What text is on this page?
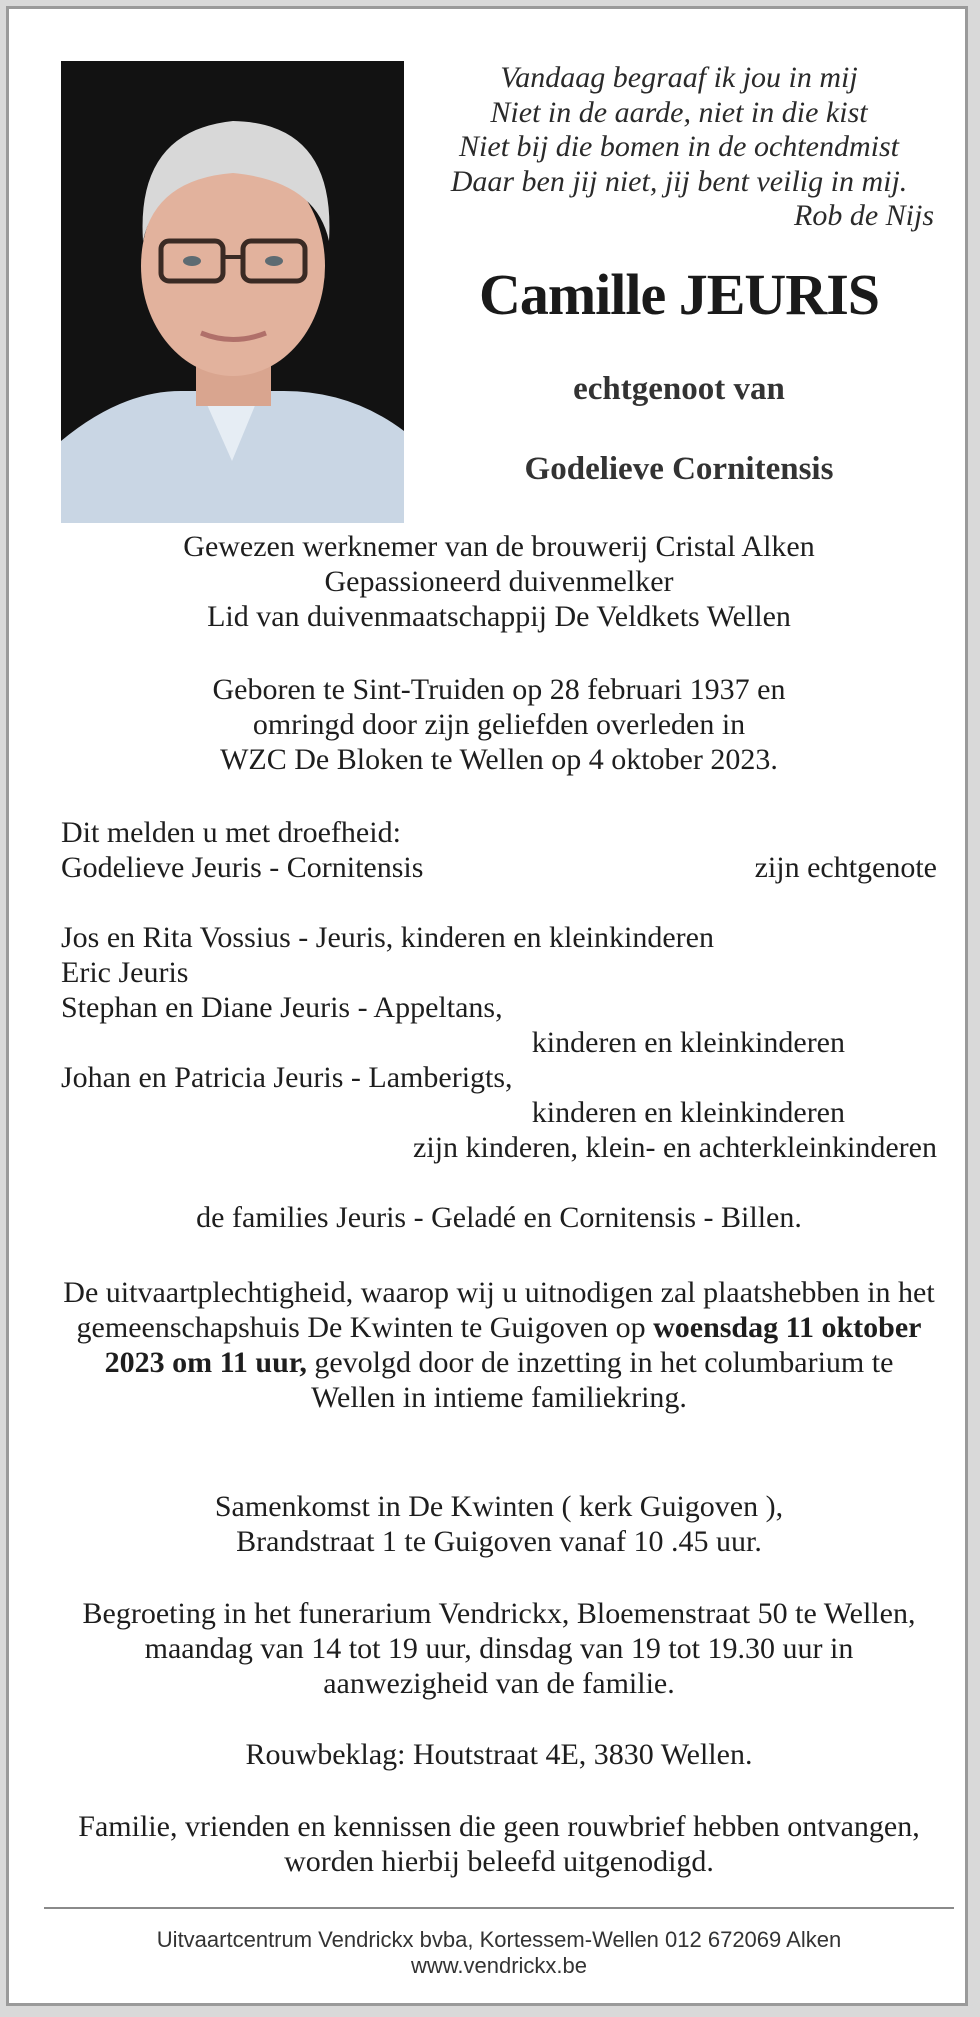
Vandaag begraaf ik jou in mij
Niet in de aarde, niet in die kist
Niet bij die bomen in de ochtendmist
Daar ben jij niet, jij bent veilig in mij.
Rob de Nijs
Camille JEURIS
echtgenoot van
Godelieve Cornitensis
Gewezen werknemer van de brouwerij Cristal Alken
Gepassioneerd duivenmelker
Lid van duivenmaatschappij De Veldkets Wellen
Geboren te Sint-Truiden op 28 februari 1937 en
omringd door zijn geliefden overleden in
WZC De Bloken te Wellen op 4 oktober 2023.
Dit melden u met droefheid:
Godelieve Jeuris - Cornitensis	zijn echtgenote
Jos en Rita Vossius - Jeuris, kinderen en kleinkinderen
Eric Jeuris
Stephan en Diane Jeuris - Appeltans,
kinderen en kleinkinderen
Johan en Patricia Jeuris - Lamberigts,
kinderen en kleinkinderen
zijn kinderen, klein- en achterkleinkinderen
de families Jeuris - Geladé en Cornitensis - Billen.
De uitvaartplechtigheid, waarop wij u uitnodigen zal plaatshebben in het gemeenschapshuis De Kwinten te Guigoven op woensdag 11 oktober 2023 om 11 uur, gevolgd door de inzetting in het columbarium te Wellen in intieme familiekring.
Samenkomst in De Kwinten ( kerk Guigoven ),
Brandstraat 1 te Guigoven vanaf 10 .45 uur.
Begroeting in het funerarium Vendrickx, Bloemenstraat 50 te Wellen, maandag van 14 tot 19 uur, dinsdag van 19 tot 19.30 uur in aanwezigheid van de familie.
Rouwbeklag: Houtstraat 4E, 3830 Wellen.
Familie, vrienden en kennissen die geen rouwbrief hebben ontvangen, worden hierbij beleefd uitgenodigd.
Uitvaartcentrum Vendrickx bvba, Kortessem-Wellen 012 672069 Alken
www.vendrickx.be
